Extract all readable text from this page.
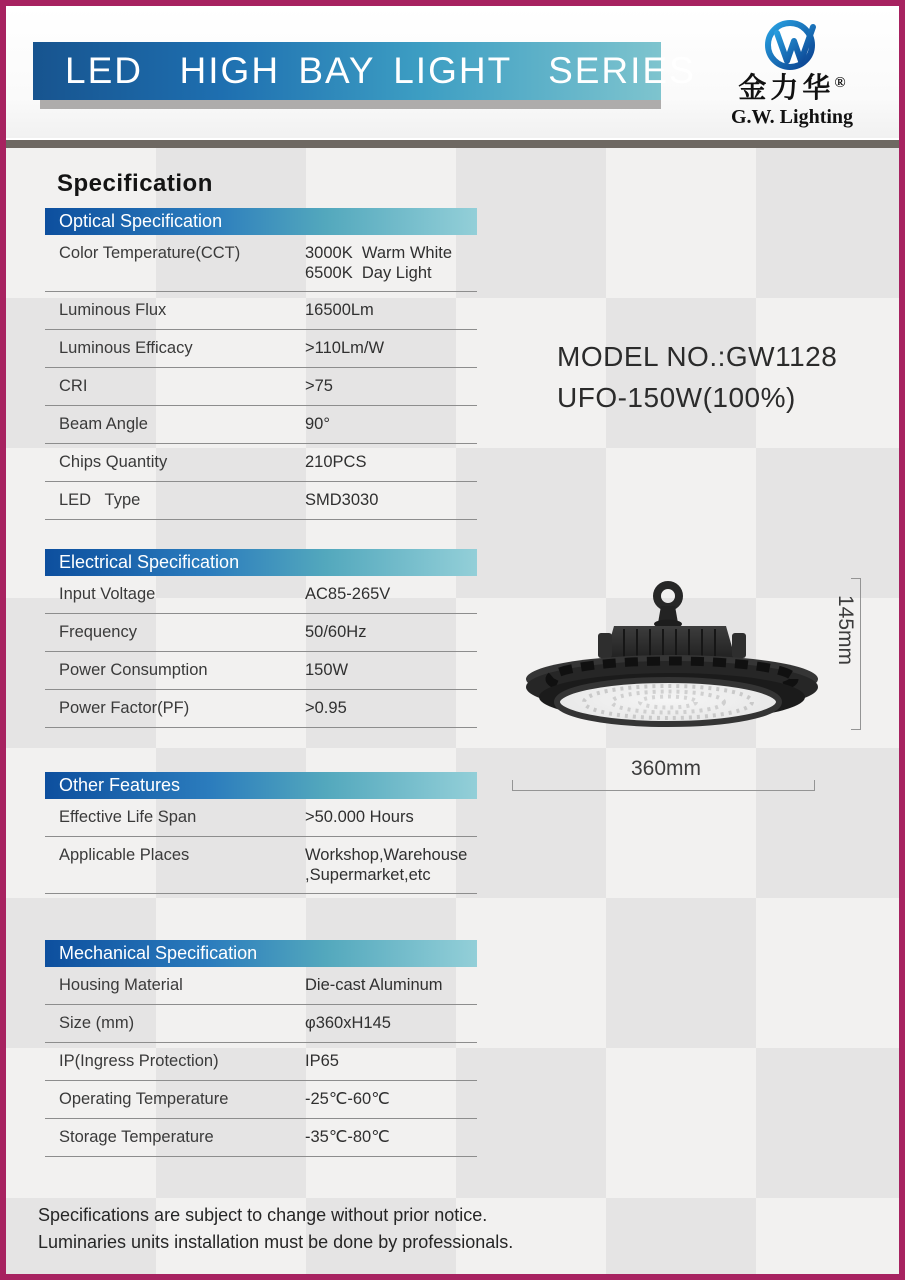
LED  HIGH BAY LIGHT  SERIES	金力华®
G.W. Lighting
Specification
Optical Specification
Color Temperature(CCT)	3000K  Warm White
6500K  Day Light
Luminous Flux	16500Lm
Luminous Efficacy	>110Lm/W
CRI	>75
Beam Angle	90°
Chips Quantity	210PCS
LED   Type	SMD3030
Electrical Specification
Input Voltage	AC85-265V
Frequency	50/60Hz
Power Consumption	150W
Power Factor(PF)	>0.95
Other Features
Effective Life Span	>50.000 Hours
Applicable Places	Workshop,Warehouse
,Supermarket,etc
Mechanical Specification
Housing Material	Die-cast Aluminum
Size (mm)	φ360xH145
IP(Ingress Protection)	IP65
Operating Temperature	-25℃-60℃
Storage Temperature	-35℃-80℃
MODEL NO.:GW1128
UFO-150W(100%)
145mm
360mm
Specifications are subject to change without prior notice.
Luminaries units installation must be done by professionals.
